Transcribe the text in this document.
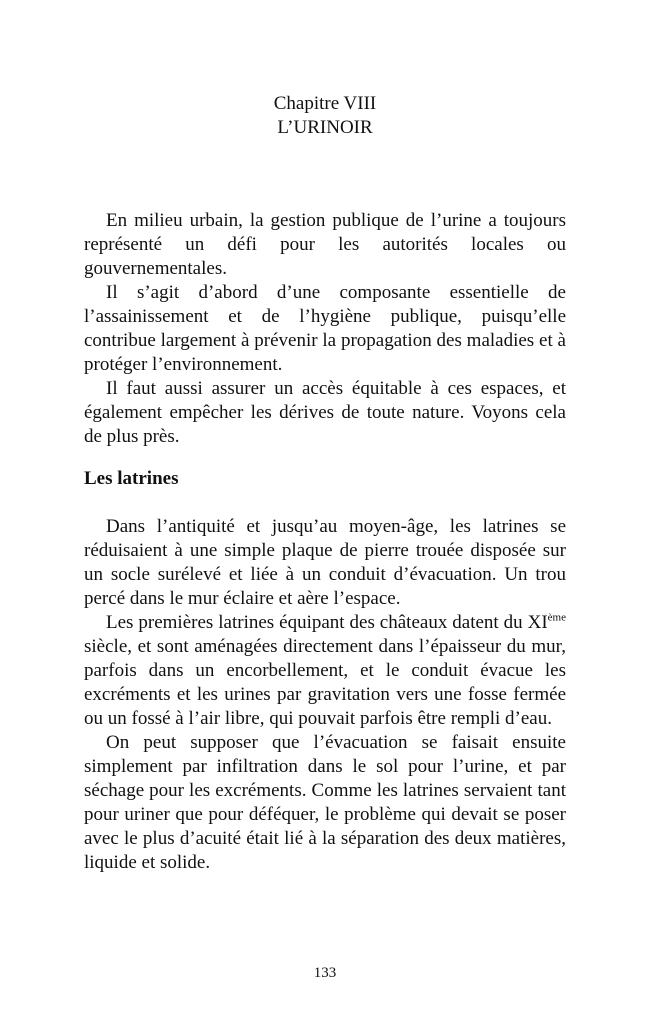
Chapitre VIII
L’URINOIR

En milieu urbain, la gestion publique de l’urine a toujours représenté un défi pour les autorités locales ou gouvernementales.

Il s’agit d’abord d’une composante essentielle de l’assainissement et de l’hygiène publique, puisqu’elle contribue largement à prévenir la propagation des maladies et à protéger l’environnement.

Il faut aussi assurer un accès équitable à ces espaces, et également empêcher les dérives de toute nature. Voyons cela de plus près.

Les latrines

Dans l’antiquité et jusqu’au moyen-âge, les latrines se réduisaient à une simple plaque de pierre trouée disposée sur un socle surélevé et liée à un conduit d’évacuation. Un trou percé dans le mur éclaire et aère l’espace.

Les premières latrines équipant des châteaux datent du XIème siècle, et sont aménagées directement dans l’épaisseur du mur, parfois dans un encorbellement, et le conduit évacue les excréments et les urines par gravitation vers une fosse fermée ou un fossé à l’air libre, qui pouvait parfois être rempli d’eau.

On peut supposer que l’évacuation se faisait ensuite simplement par infiltration dans le sol pour l’urine, et par séchage pour les excréments. Comme les latrines servaient tant pour uriner que pour déféquer, le problème qui devait se poser avec le plus d’acuité était lié à la séparation des deux matières, liquide et solide.

133
